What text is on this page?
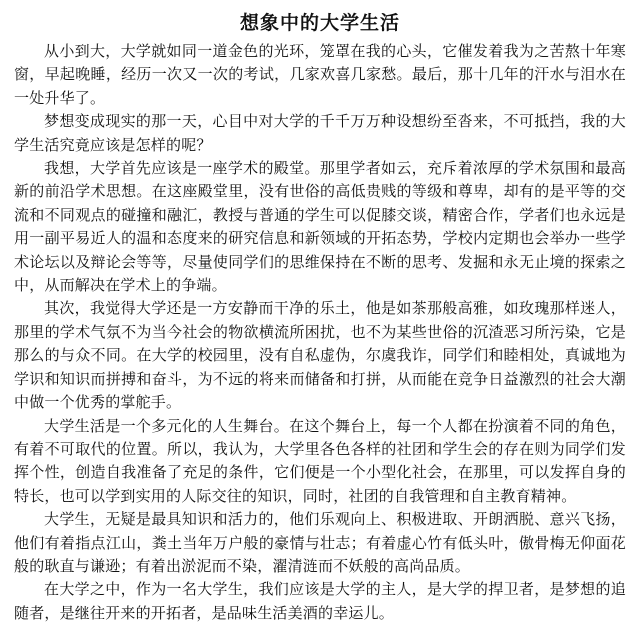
想象中的大学生活

从小到大，大学就如同一道金色的光环，笼罩在我的心头，它催发着我为之苦熬十年寒窗，早起晚睡，经历一次又一次的考试，几家欢喜几家愁。最后，那十几年的汗水与泪水在一处升华了。

梦想变成现实的那一天，心目中对大学的千千万万种设想纷至沓来，不可抵挡，我的大学生活究竟应该是怎样的呢？

我想，大学首先应该是一座学术的殿堂。那里学者如云，充斥着浓厚的学术氛围和最高新的前沿学术思想。在这座殿堂里，没有世俗的高低贵贱的等级和尊卑，却有的是平等的交流和不同观点的碰撞和融汇，教授与普通的学生可以促膝交谈，精密合作，学者们也永远是用一副平易近人的温和态度来的研究信息和新领域的开拓态势，学校内定期也会举办一些学术论坛以及辩论会等等，尽量使同学们的思维保持在不断的思考、发掘和永无止境的探索之中，从而解决在学术上的争端。

其次，我觉得大学还是一方安静而干净的乐土，他是如茶那般高雅，如玫瑰那样迷人，那里的学术气氛不为当今社会的物欲横流所困扰，也不为某些世俗的沉渣恶习所污染，它是那么的与众不同。在大学的校园里，没有自私虚伪，尔虞我诈，同学们和睦相处，真诚地为学识和知识而拼搏和奋斗，为不远的将来而储备和打拼，从而能在竞争日益激烈的社会大潮中做一个优秀的掌舵手。

大学生活是一个多元化的人生舞台。在这个舞台上，每一个人都在扮演着不同的角色，有着不可取代的位置。所以，我认为，大学里各色各样的社团和学生会的存在则为同学们发挥个性，创造自我准备了充足的条件，它们便是一个小型化社会，在那里，可以发挥自身的特长，也可以学到实用的人际交往的知识，同时，社团的自我管理和自主教育精神。

大学生，无疑是最具知识和活力的，他们乐观向上、积极进取、开朗洒脱、意兴飞扬，他们有着指点江山，粪土当年万户般的豪情与壮志；有着虚心竹有低头叶，傲骨梅无仰面花般的耿直与谦逊；有着出淤泥而不染，濯清涟而不妖般的高尚品质。

在大学之中，作为一名大学生，我们应该是大学的主人，是大学的捍卫者，是梦想的追随者，是继往开来的开拓者，是品味生活美酒的幸运儿。
